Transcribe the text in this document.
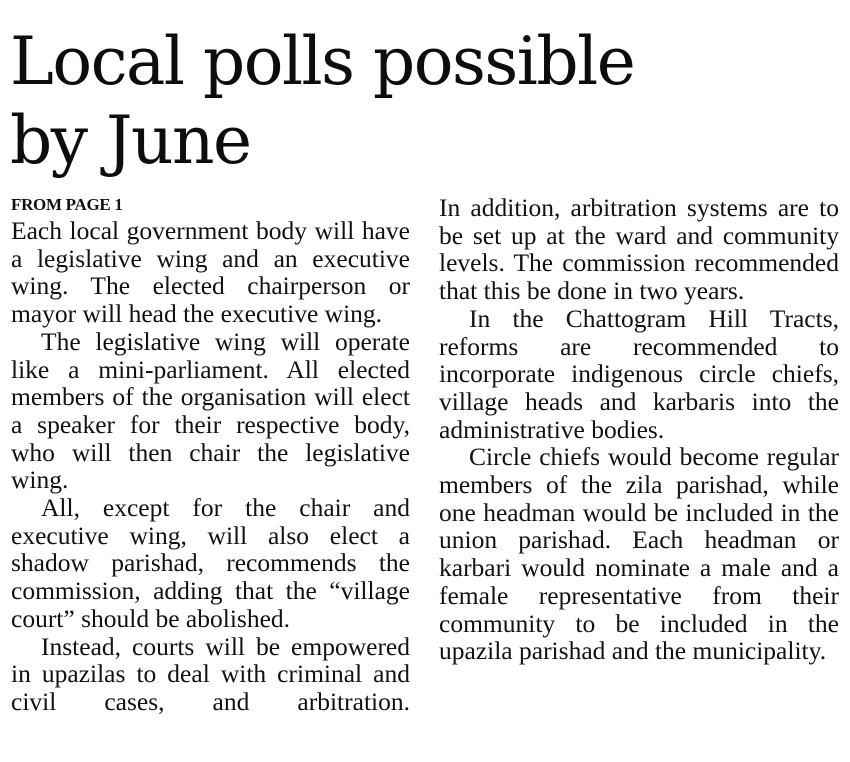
Local polls possible
by June
FROM PAGE 1

Each local government body will have a legislative wing and an executive wing. The elected chairperson or mayor will head the executive wing.

The legislative wing will operate like a mini-parliament. All elected members of the organisation will elect a speaker for their respective body, who will then chair the legislative wing.

All, except for the chair and executive wing, will also elect a shadow parishad, recommends the commission, adding that the “village court” should be abolished.

Instead, courts will be empowered in upazilas to deal with criminal and civil cases, and arbitration.

In addition, arbitration systems are to be set up at the ward and community levels. The commission recommended that this be done in two years.

In the Chattogram Hill Tracts, reforms are recommended to incorporate indigenous circle chiefs, village heads and karbaris into the administrative bodies.

Circle chiefs would become regular members of the zila parishad, while one headman would be included in the union parishad. Each headman or karbari would nominate a male and a female representative from their community to be included in the upazila parishad and the municipality.
